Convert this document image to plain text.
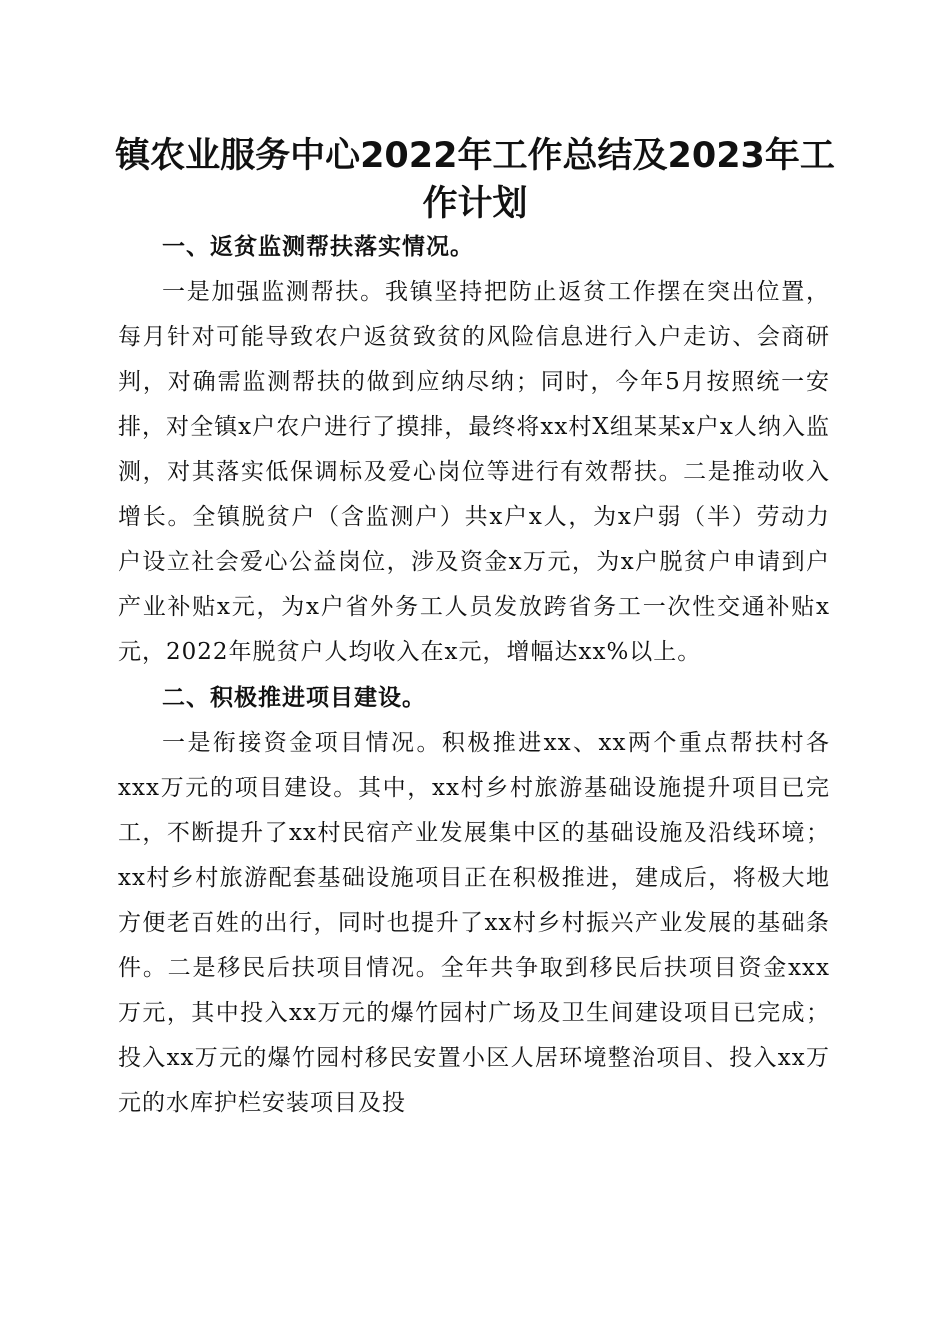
镇农业服务中心2022年工作总结及2023年工作计划

一、返贫监测帮扶落实情况。

一是加强监测帮扶。我镇坚持把防止返贫工作摆在突出位置，每月针对可能导致农户返贫致贫的风险信息进行入户走访、会商研判，对确需监测帮扶的做到应纳尽纳；同时，今年5月按照统一安排，对全镇x户农户进行了摸排，最终将xx村X组某某x户x人纳入监测，对其落实低保调标及爱心岗位等进行有效帮扶。二是推动收入增长。全镇脱贫户（含监测户）共x户x人，为x户弱（半）劳动力户设立社会爱心公益岗位，涉及资金x万元，为x户脱贫户申请到户产业补贴x元，为x户省外务工人员发放跨省务工一次性交通补贴x元，2022年脱贫户人均收入在x元，增幅达xx%以上。

二、积极推进项目建设。

一是衔接资金项目情况。积极推进xx、xx两个重点帮扶村各xxx万元的项目建设。其中，xx村乡村旅游基础设施提升项目已完工，不断提升了xx村民宿产业发展集中区的基础设施及沿线环境；xx村乡村旅游配套基础设施项目正在积极推进，建成后，将极大地方便老百姓的出行，同时也提升了xx村乡村振兴产业发展的基础条件。二是移民后扶项目情况。全年共争取到移民后扶项目资金xxx万元，其中投入xx万元的爆竹园村广场及卫生间建设项目已完成；投入xx万元的爆竹园村移民安置小区人居环境整治项目、投入xx万元的水库护栏安装项目及投
